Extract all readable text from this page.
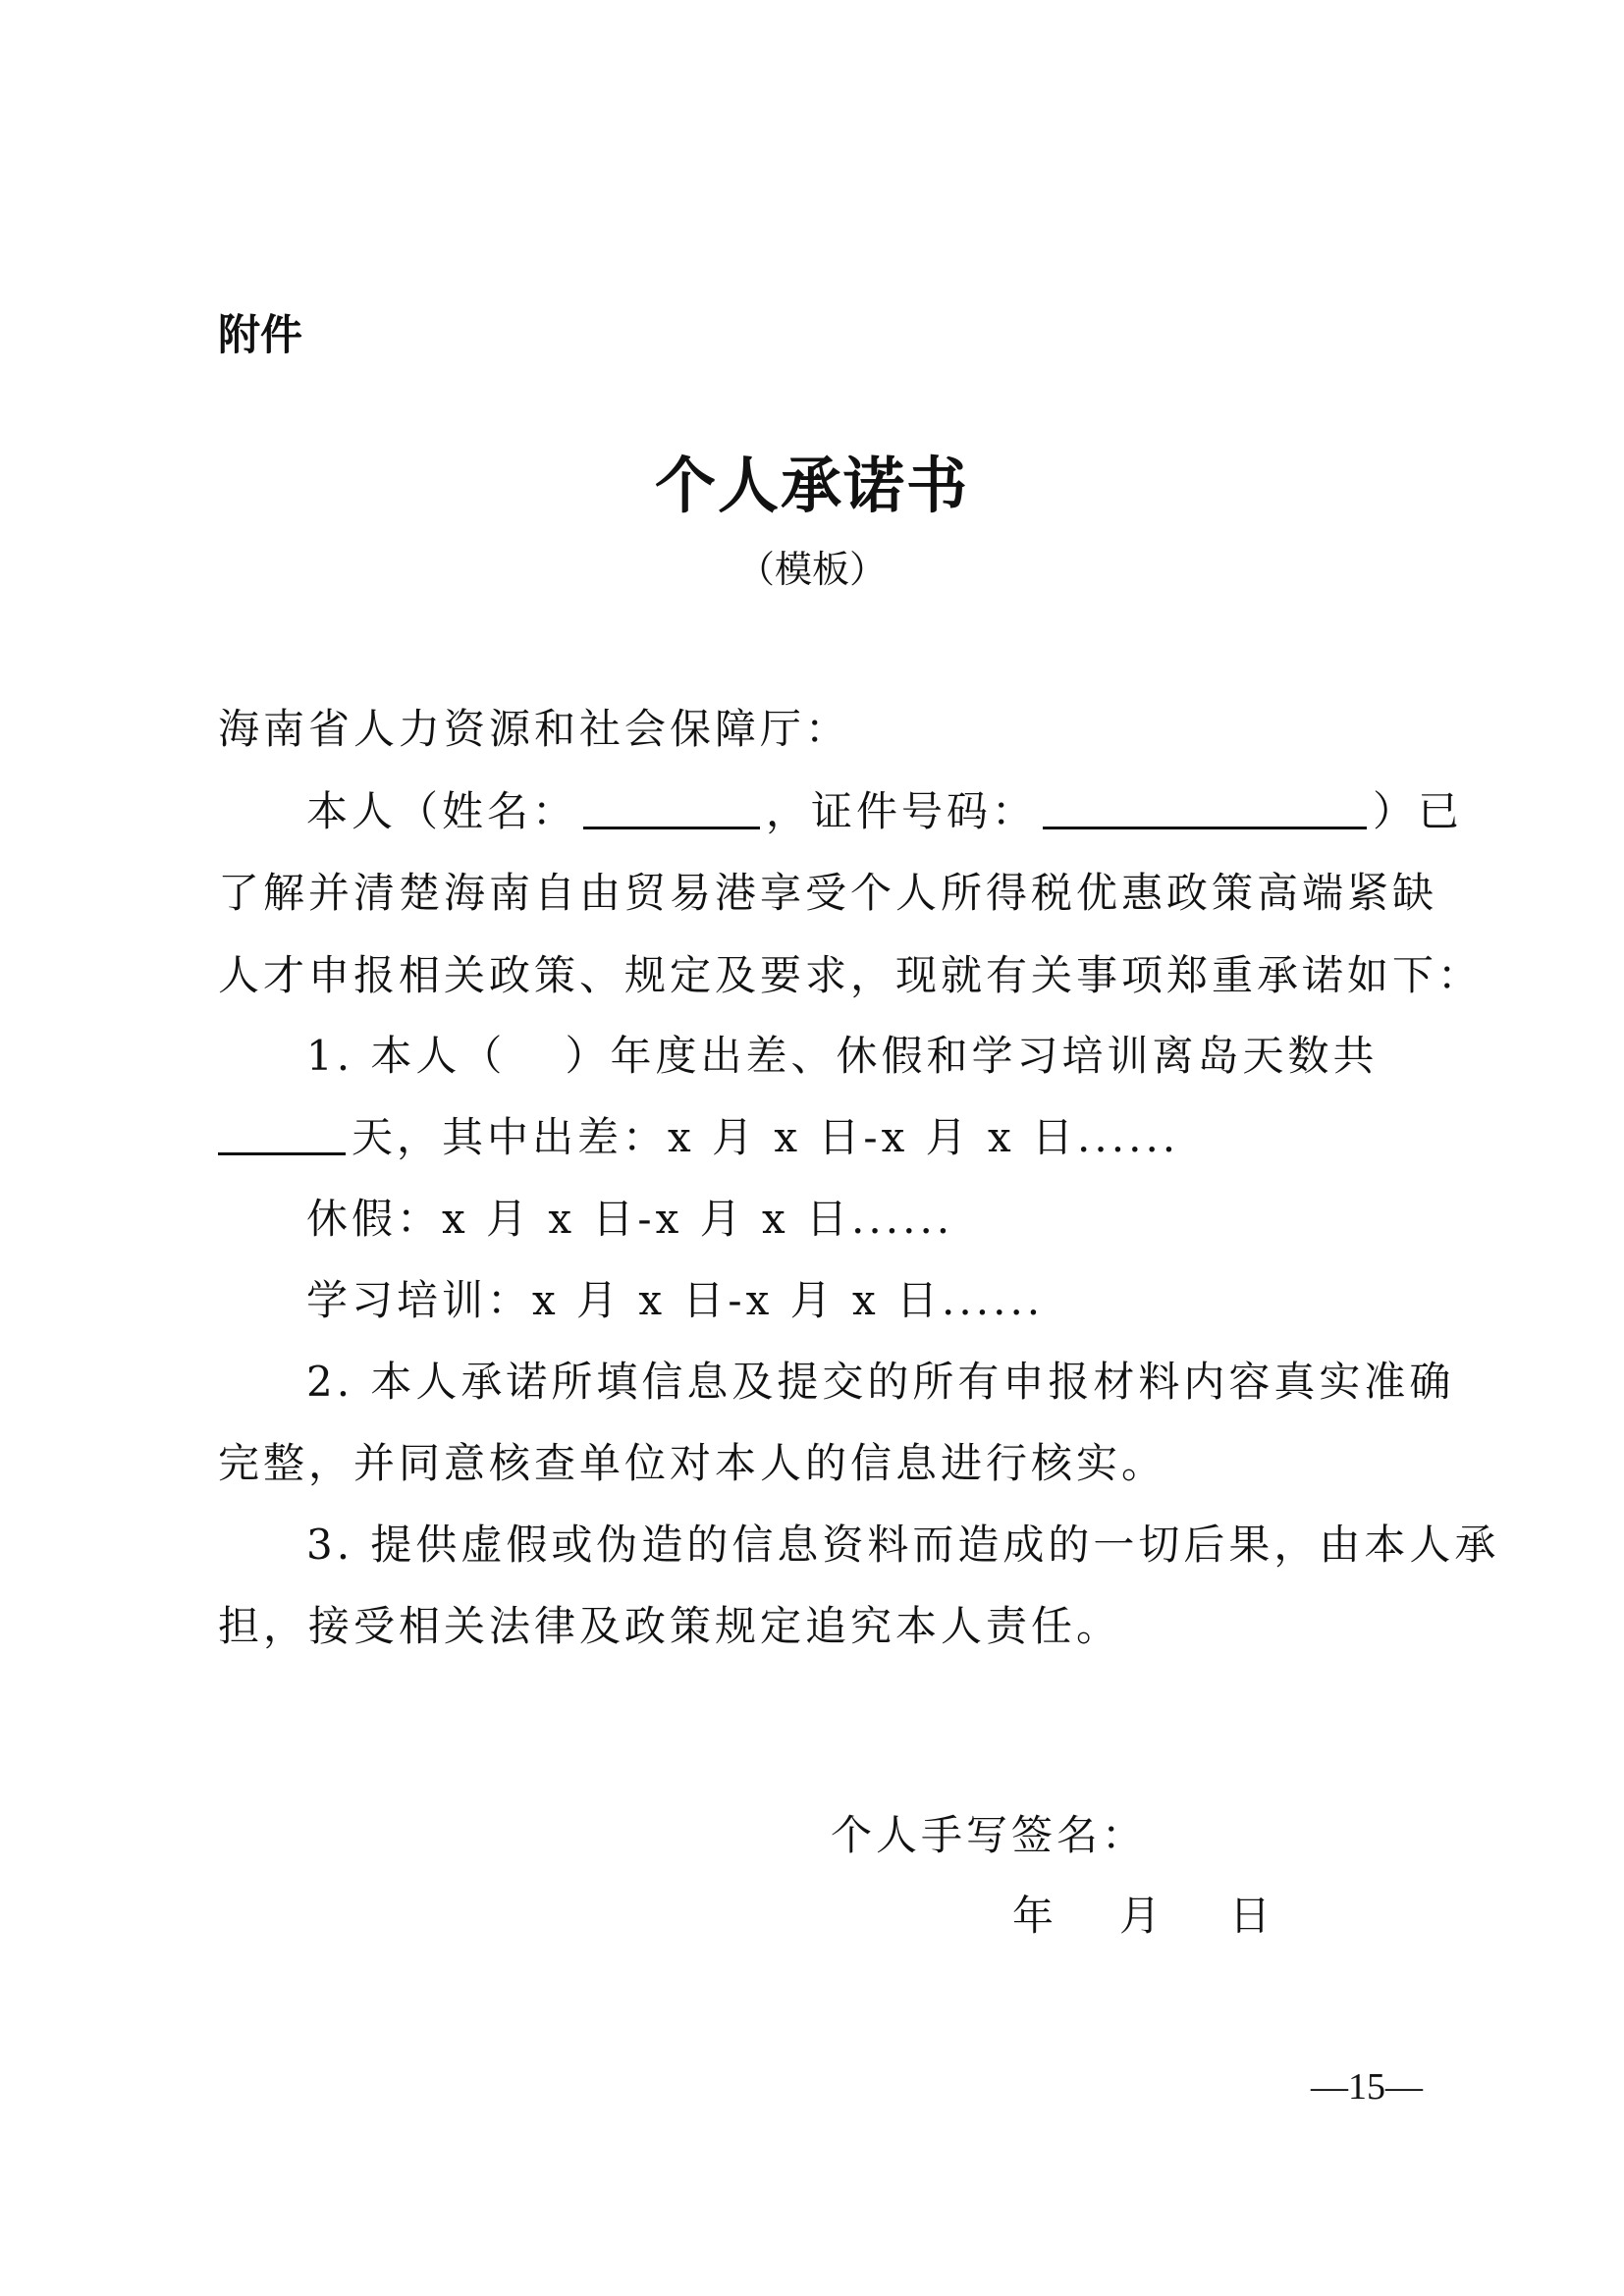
附件
个人承诺书
（模板）
海南省人力资源和社会保障厅：
本人（姓名：	，证件号码：	）已
了解并清楚海南自由贸易港享受个人所得税优惠政策高端紧缺
人才申报相关政策、规定及要求，现就有关事项郑重承诺如下：
1. 本人（ ）年度出差、休假和学习培训离岛天数共
天，其中出差：x 月 x 日-x 月 x 日......
休假：x 月 x 日-x 月 x 日......
学习培训：x 月 x 日-x 月 x 日......
2. 本人承诺所填信息及提交的所有申报材料内容真实准确
完整，并同意核查单位对本人的信息进行核实。
3. 提供虚假或伪造的信息资料而造成的一切后果，由本人承
担，接受相关法律及政策规定追究本人责任。
个人手写签名：
年 月 日
—15—
